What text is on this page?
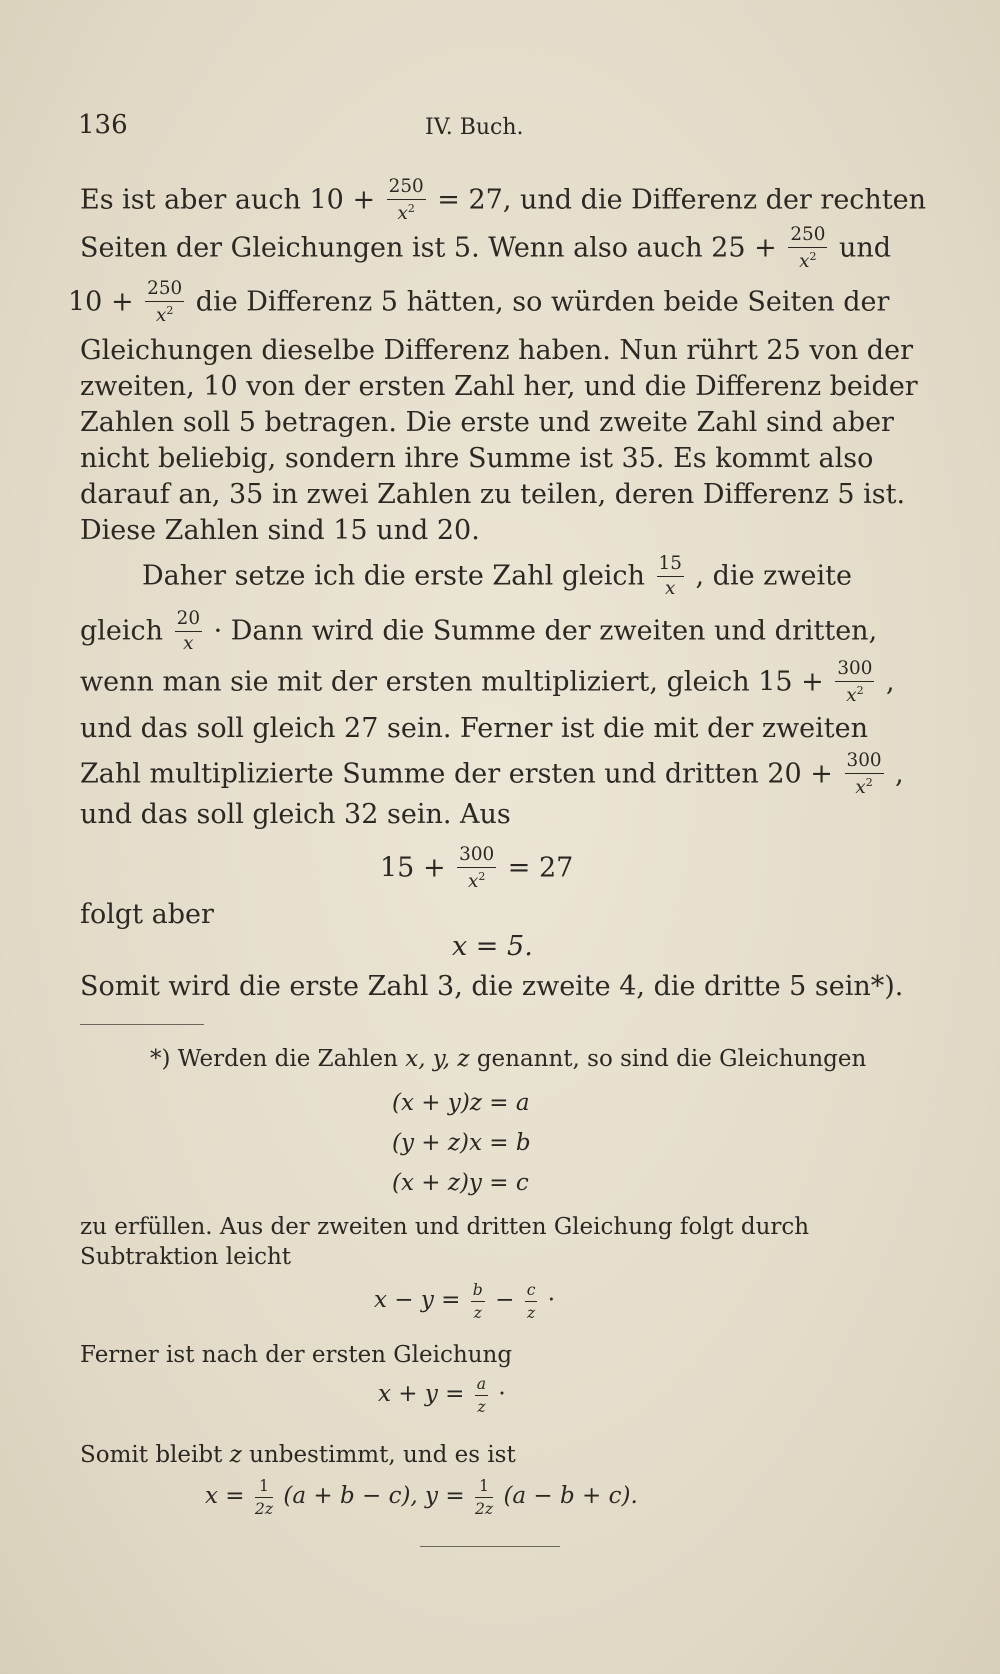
136	IV. Buch.
Es ist aber auch $10 + \frac{250}{x^2} = 27$, und die Differenz der rechten
Seiten der Gleichungen ist 5. Wenn also auch $25 + \frac{250}{x^2}$ und
$10 + \frac{250}{x^2}$ die Differenz 5 hätten, so würden beide Seiten der
Gleichungen dieselbe Differenz haben. Nun rührt 25 von der
zweiten, 10 von der ersten Zahl her, und die Differenz beider
Zahlen soll 5 betragen. Die erste und zweite Zahl sind aber
nicht beliebig, sondern ihre Summe ist 35. Es kommt also
darauf an, 35 in zwei Zahlen zu teilen, deren Differenz 5 ist.
Diese Zahlen sind 15 und 20.
Daher setze ich die erste Zahl gleich $\frac{15}{x}$ , die zweite
gleich $\frac{20}{x}$ · Dann wird die Summe der zweiten und dritten,
wenn man sie mit der ersten multipliziert, gleich $15 + \frac{300}{x^2}$ ,
und das soll gleich 27 sein. Ferner ist die mit der zweiten
Zahl multiplizierte Summe der ersten und dritten $20 + \frac{300}{x^2}$ ,
und das soll gleich 32 sein. Aus
$15 + \frac{300}{x^2} = 27$
folgt aber
x = 5.
Somit wird die erste Zahl 3, die zweite 4, die dritte 5 sein*).
*) Werden die Zahlen x, y, z genannt, so sind die Gleichungen
(x + y)z = a
(y + z)x = b
(x + z)y = c
zu erfüllen. Aus der zweiten und dritten Gleichung folgt durch
Subtraktion leicht
$x - y = \frac{b}{z} - \frac{c}{z}$ ·
Ferner ist nach der ersten Gleichung
$x + y = \frac{a}{z}$ ·
Somit bleibt z unbestimmt, und es ist
$x = \frac{1}{2z} (a + b - c)$, $y = \frac{1}{2z} (a - b + c)$.
